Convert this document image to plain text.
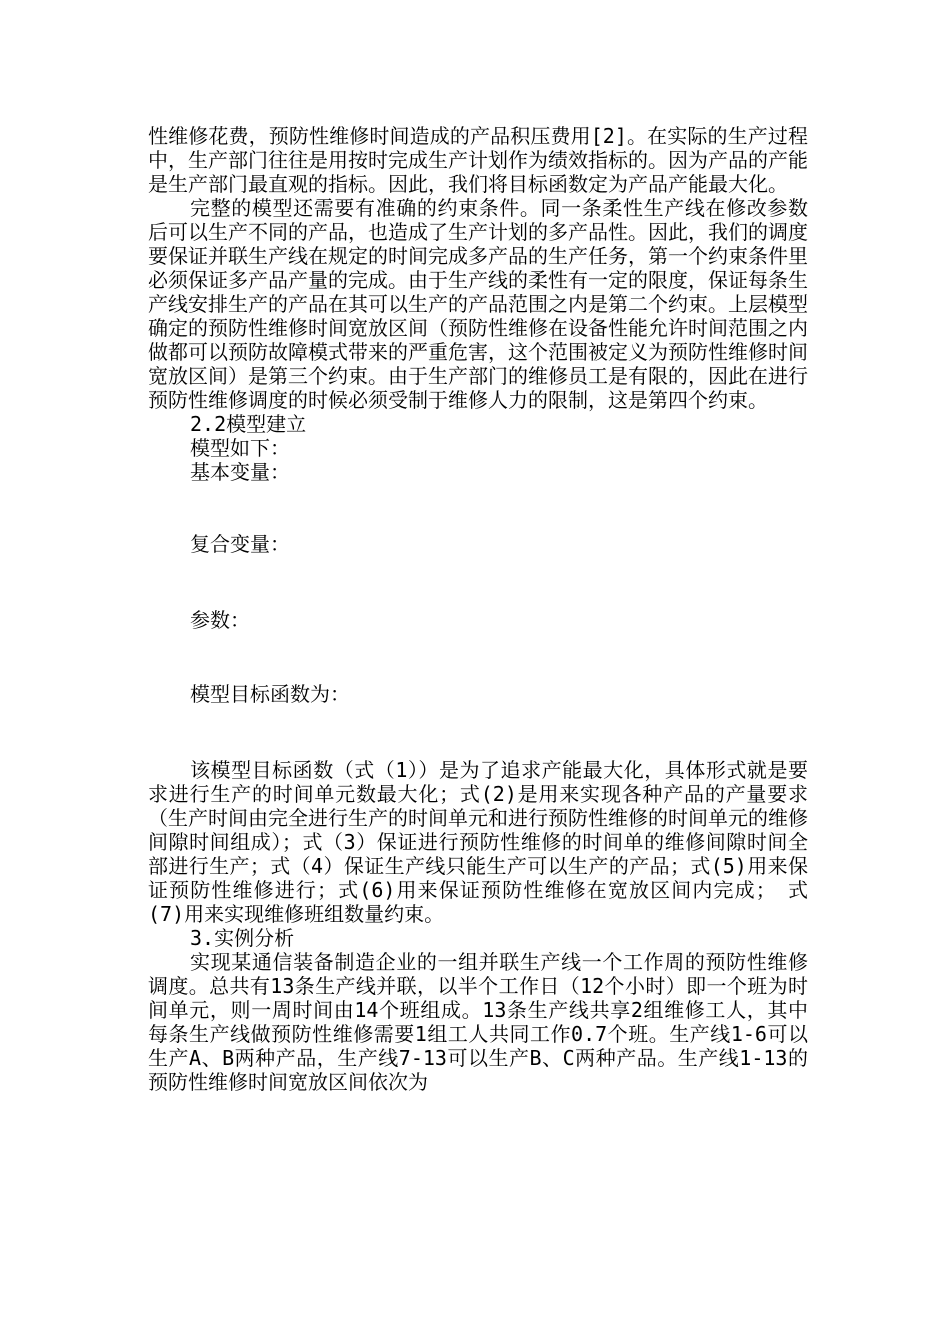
性维修花费，预防性维修时间造成的产品积压费用[2]。在实际的生产过程中，生产部门往往是用按时完成生产计划作为绩效指标的。因为产品的产能是生产部门最直观的指标。因此，我们将目标函数定为产品产能最大化。

完整的模型还需要有准确的约束条件。同一条柔性生产线在修改参数后可以生产不同的产品，也造成了生产计划的多产品性。因此，我们的调度要保证并联生产线在规定的时间完成多产品的生产任务，第一个约束条件里必须保证多产品产量的完成。由于生产线的柔性有一定的限度，保证每条生产线安排生产的产品在其可以生产的产品范围之内是第二个约束。上层模型确定的预防性维修时间宽放区间（预防性维修在设备性能允许时间范围之内做都可以预防故障模式带来的严重危害，这个范围被定义为预防性维修时间宽放区间）是第三个约束。由于生产部门的维修员工是有限的，因此在进行预防性维修调度的时候必须受制于维修人力的限制，这是第四个约束。

2.2模型建立

模型如下：

基本变量：

复合变量：

参数：

模型目标函数为：

该模型目标函数（式（1））是为了追求产能最大化，具体形式就是要求进行生产的时间单元数最大化；式(2)是用来实现各种产品的产量要求（生产时间由完全进行生产的时间单元和进行预防性维修的时间单元的维修间隙时间组成）；式（3）保证进行预防性维修的时间单的维修间隙时间全部进行生产；式（4）保证生产线只能生产可以生产的产品；式(5)用来保证预防性维修进行；式(6)用来保证预防性维修在宽放区间内完成；　式(7)用来实现维修班组数量约束。

3.实例分析

实现某通信装备制造企业的一组并联生产线一个工作周的预防性维修调度。总共有13条生产线并联，以半个工作日（12个小时）即一个班为时间单元，则一周时间由14个班组成。13条生产线共享2组维修工人，其中每条生产线做预防性维修需要1组工人共同工作0.7个班。生产线1-6可以生产A、B两种产品，生产线7-13可以生产B、C两种产品。生产线1-13的预防性维修时间宽放区间依次为
